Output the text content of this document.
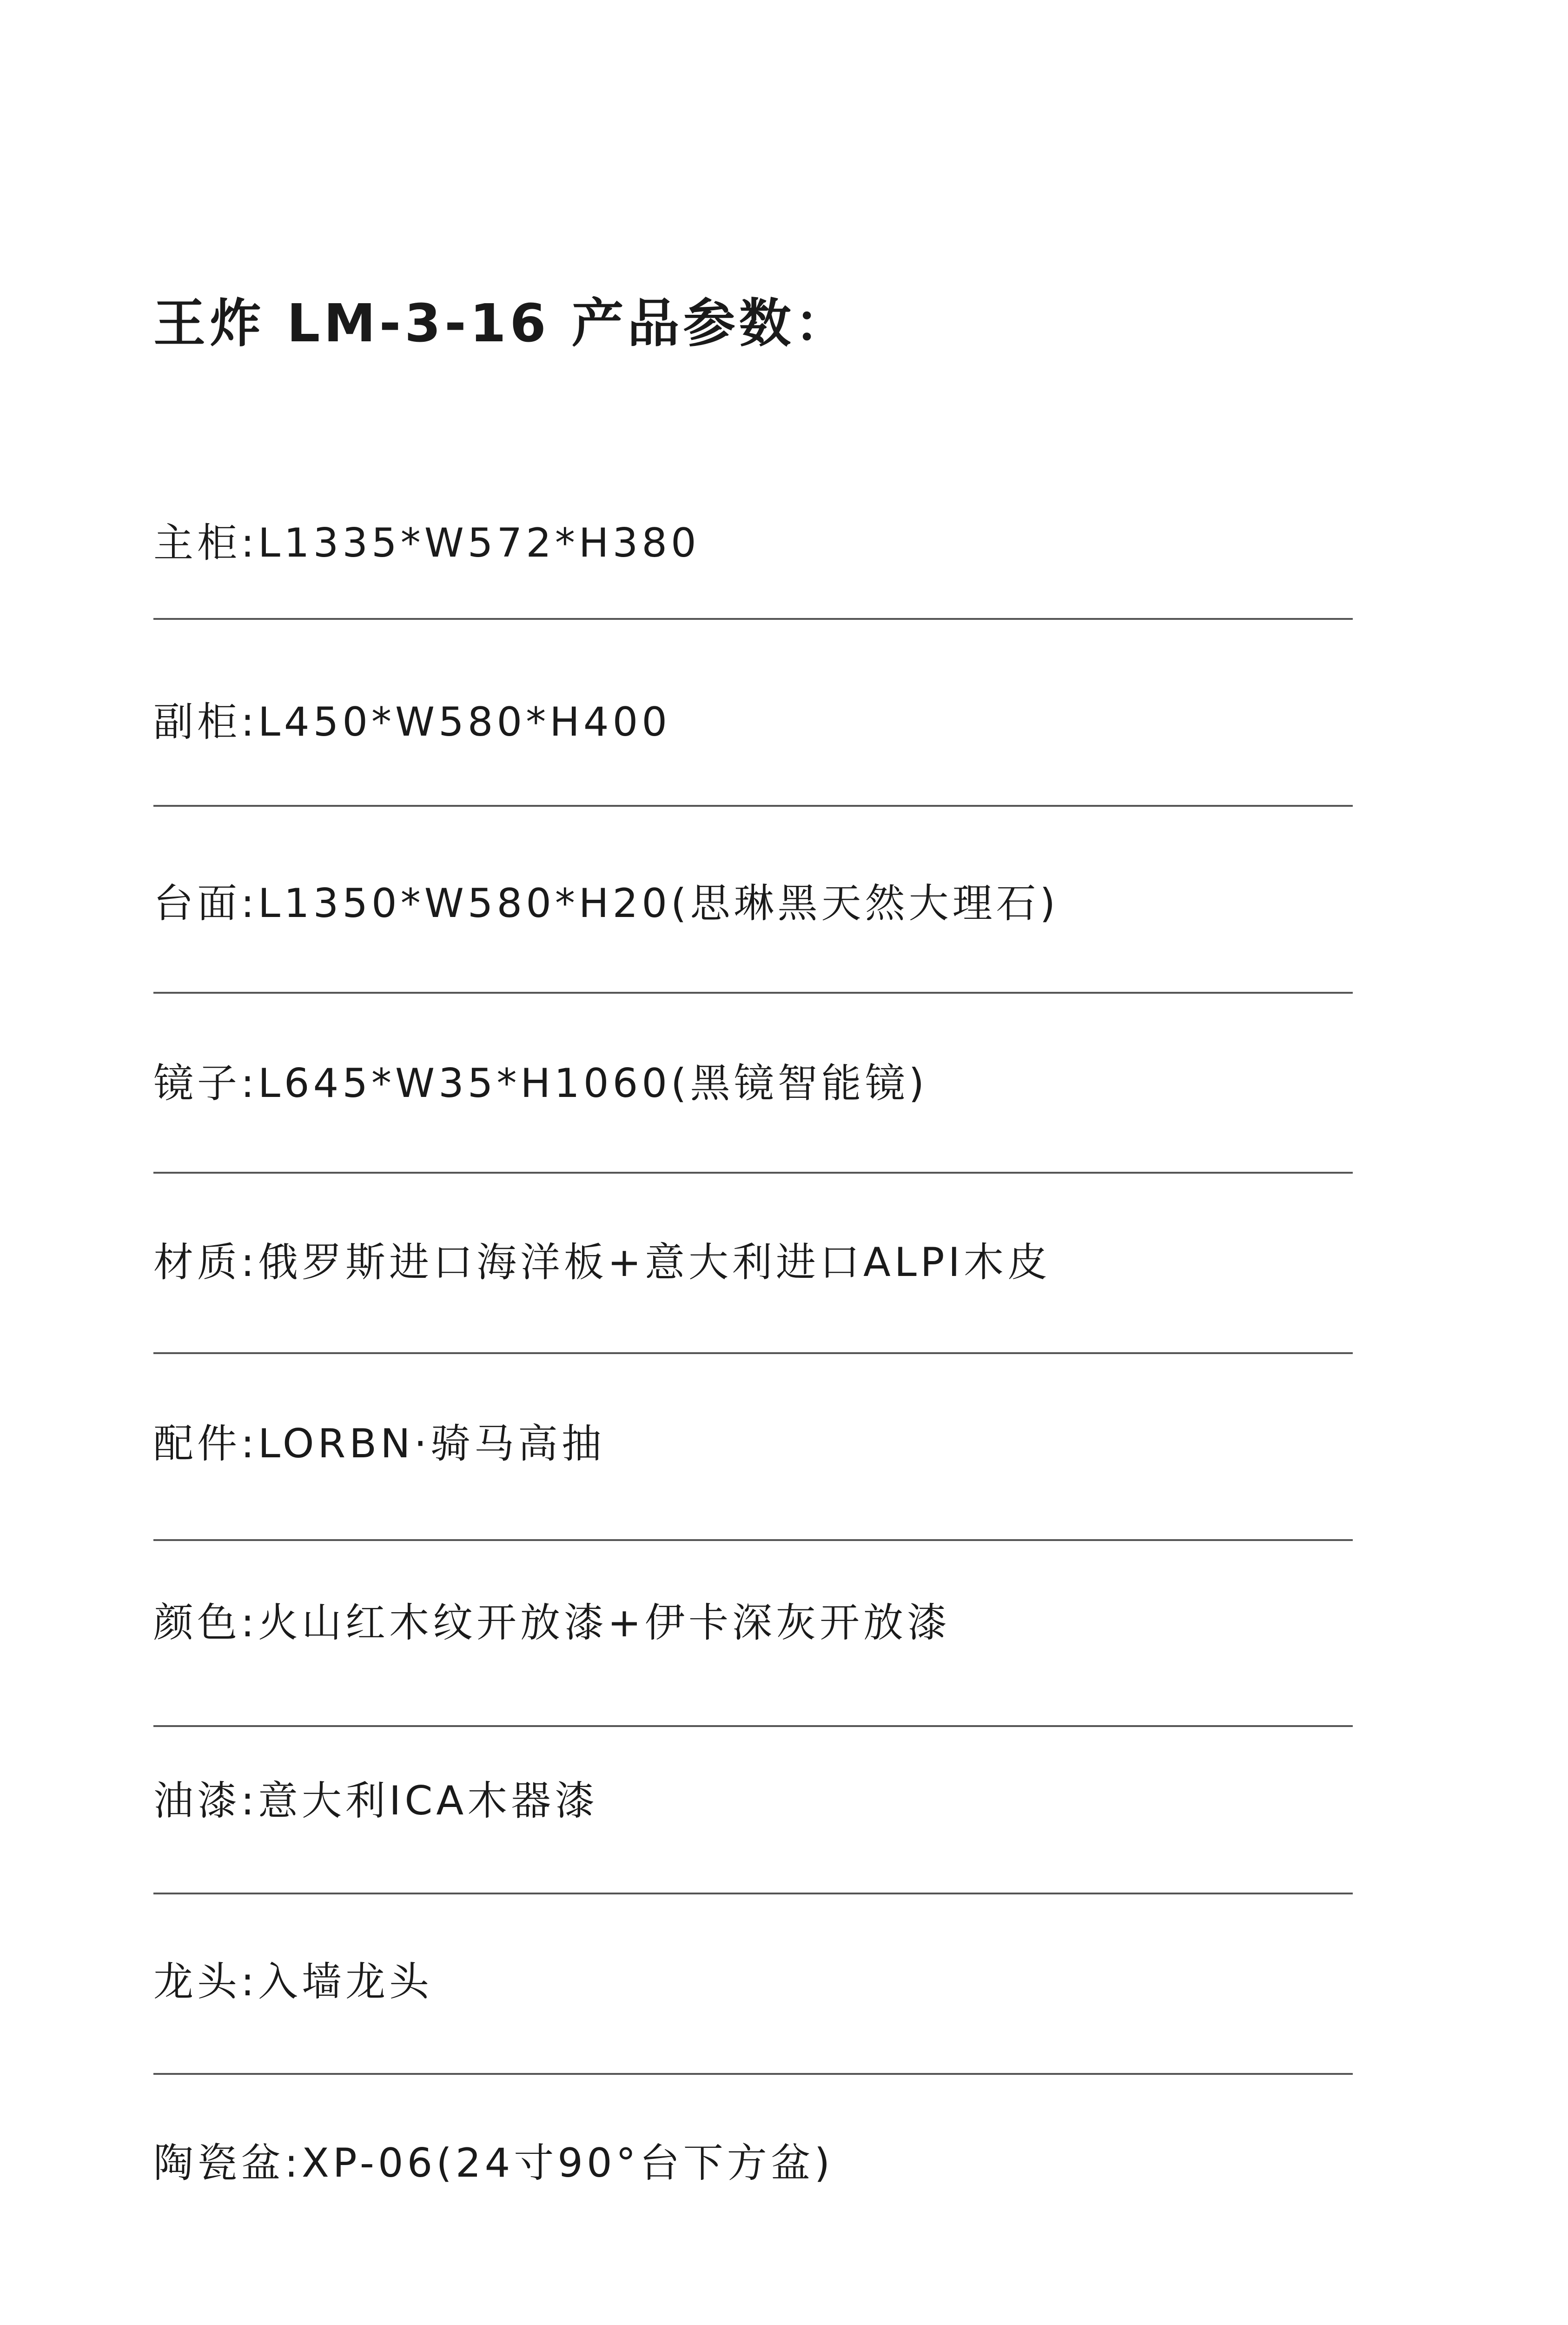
王炸 LM-3-16 产品参数：
主柜:L1335*W572*H380
副柜:L450*W580*H400
台面:L1350*W580*H20(思琳黑天然大理石)
镜子:L645*W35*H1060(黑镜智能镜)
材质:俄罗斯进口海洋板+意大利进口ALPI木皮
配件:LORBN·骑马高抽
颜色:火山红木纹开放漆+伊卡深灰开放漆
油漆:意大利ICA木器漆
龙头:入墙龙头
陶瓷盆:XP-06(24寸90°台下方盆)
